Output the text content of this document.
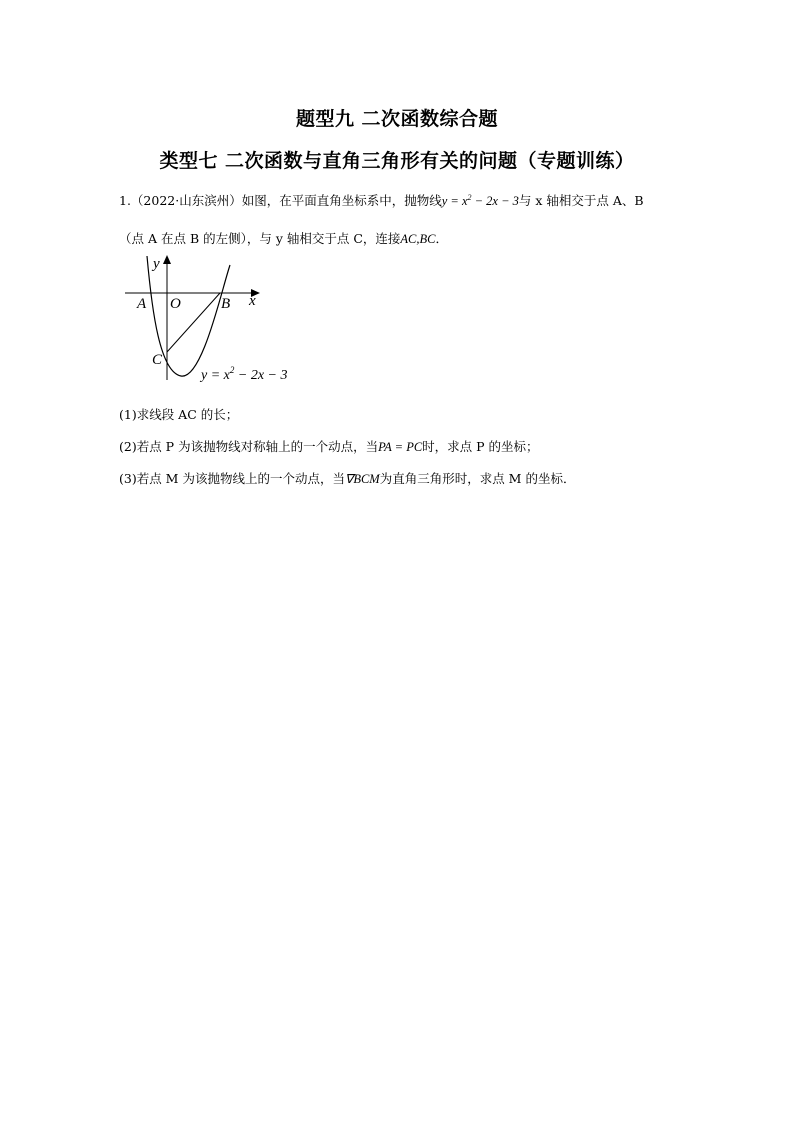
题型九 二次函数综合题
类型七 二次函数与直角三角形有关的问题（专题训练）
1.（2022·山东滨州）如图，在平面直角坐标系中，抛物线$y = x^2 - 2x - 3$与 x 轴相交于点 A、B
（点 A 在点 B 的左侧），与 y 轴相交于点 C，连接AC,BC．
y
x
A O	B
C
$y = x^2 - 2x - 3$
(1)求线段 AC 的长；
(2)若点 P 为该抛物线对称轴上的一个动点，当PA = PC时，求点 P 的坐标；
(3)若点 M 为该抛物线上的一个动点，当∇BCM为直角三角形时，求点 M 的坐标．
